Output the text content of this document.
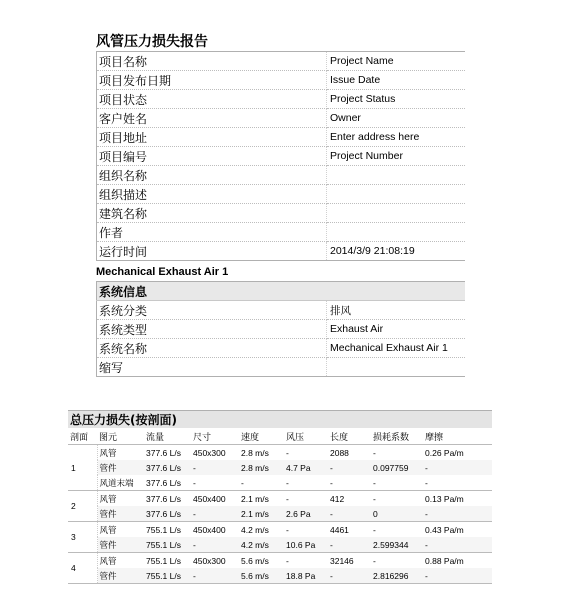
风管压力损失报告
项目名称	Project Name
项目发布日期	Issue Date
项目状态	Project Status
客户姓名	Owner
项目地址	Enter address here
项目编号	Project Number
组织名称	
组织描述	
建筑名称	
作者	
运行时间	2014/3/9 21:08:19
Mechanical Exhaust Air 1
系统信息	
系统分类	排风
系统类型	Exhaust Air
系统名称	Mechanical Exhaust Air 1
缩写	
总压力损失(按剖面)								
剖面	图元	流量	尺寸	速度	风压	长度	损耗系数	摩擦
1	风管	377.6 L/s	450x300	2.8 m/s	-	2088	-	0.26 Pa/m
	管件	377.6 L/s	-	2.8 m/s	4.7 Pa	-	0.097759	-
	风道末端	377.6 L/s	-	-	-	-	-	-
2	风管	377.6 L/s	450x400	2.1 m/s	-	412	-	0.13 Pa/m
	管件	377.6 L/s	-	2.1 m/s	2.6 Pa	-	0	-
3	风管	755.1 L/s	450x400	4.2 m/s	-	4461	-	0.43 Pa/m
	管件	755.1 L/s	-	4.2 m/s	10.6 Pa	-	2.599344	-
4	风管	755.1 L/s	450x300	5.6 m/s	-	32146	-	0.88 Pa/m
	管件	755.1 L/s	-	5.6 m/s	18.8 Pa	-	2.816296	-
